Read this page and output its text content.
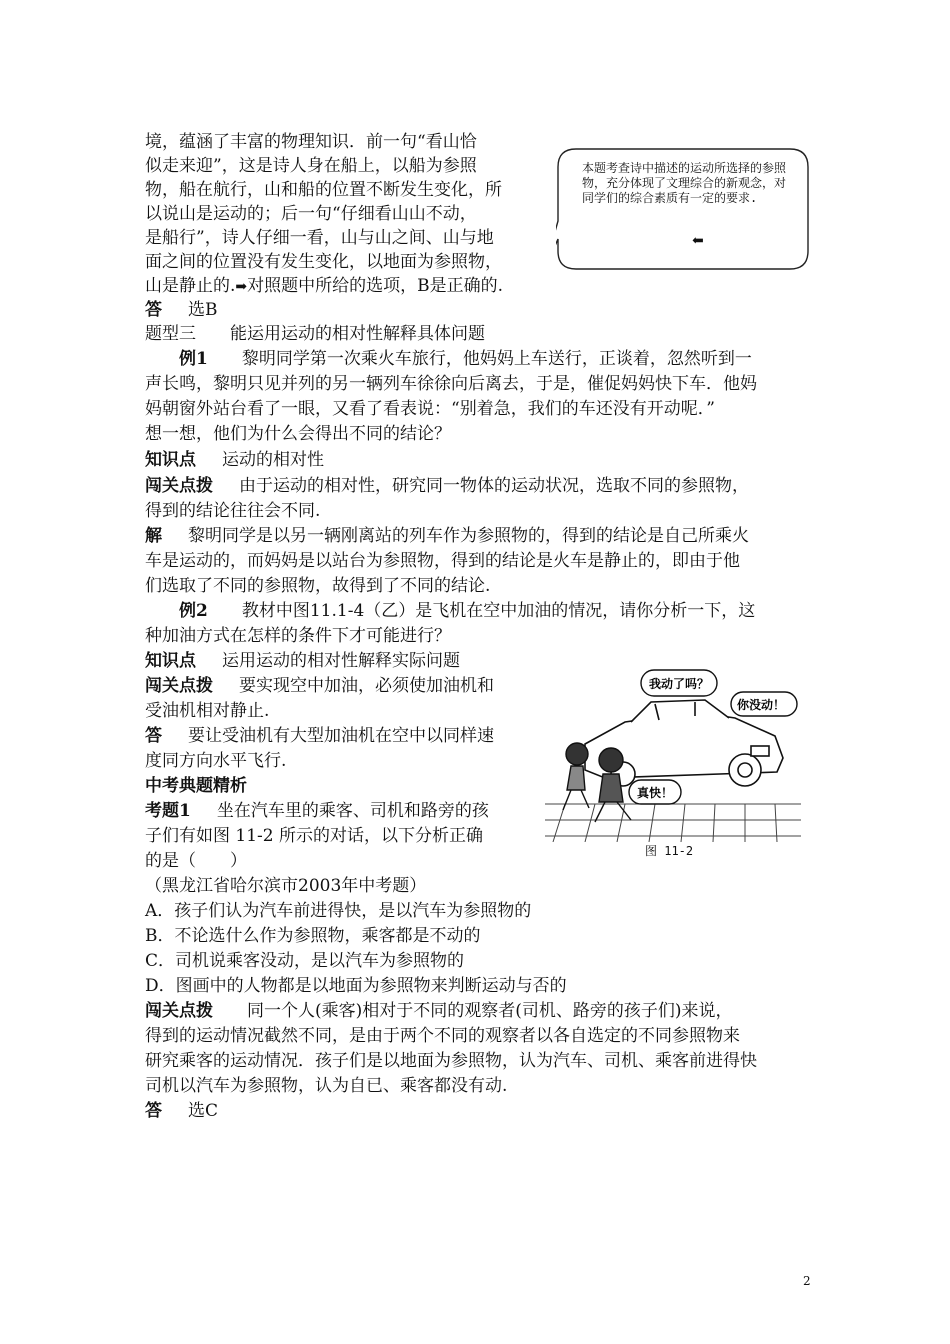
境，蕴涵了丰富的物理知识．前一句“看山恰
似走来迎”，这是诗人身在船上，以船为参照
物，船在航行，山和船的位置不断发生变化，所
以说山是运动的；后一句“仔细看山山不动，
是船行”，诗人仔细一看，山与山之间、山与地
面之间的位置没有发生变化，以地面为参照物，
山是静止的.➡对照题中所给的选项，B是正确的.
答 选B
本题考查诗中描述的运动所选择的参照物，充分体现了文理综合的新观念，对同学们的综合素质有一定的要求.
⬅
题型三 能运用运动的相对性解释具体问题
例1 黎明同学第一次乘火车旅行，他妈妈上车送行，正谈着，忽然听到一
声长鸣，黎明只见并列的另一辆列车徐徐向后离去，于是，催促妈妈快下车．他妈
妈朝窗外站台看了一眼，又看了看表说：“别着急，我们的车还没有开动呢．”
想一想，他们为什么会得出不同的结论？
知识点 运动的相对性
闯关点拨 由于运动的相对性，研究同一物体的运动状况，选取不同的参照物，
得到的结论往往会不同.
解 黎明同学是以另一辆刚离站的列车作为参照物的，得到的结论是自己所乘火
车是运动的，而妈妈是以站台为参照物，得到的结论是火车是静止的，即由于他
们选取了不同的参照物，故得到了不同的结论.
例2 教材中图11.1-4（乙）是飞机在空中加油的情况，请你分析一下，这
种加油方式在怎样的条件下才可能进行？
知识点 运用运动的相对性解释实际问题
闯关点拨 要实现空中加油，必须使加油机和
受油机相对静止.
答 要让受油机有大型加油机在空中以同样速
度同方向水平飞行.
中考典题精析
考题1 坐在汽车里的乘客、司机和路旁的孩
子们有如图 11-2 所示的对话，以下分析正确
的是（　　）
（黑龙江省哈尔滨市2003年中考题）
A．孩子们认为汽车前进得快，是以汽车为参照物的
B．不论选什么作为参照物，乘客都是不动的
C．司机说乘客没动，是以汽车为参照物的
D．图画中的人物都是以地面为参照物来判断运动与否的
闯关点拨 同一个人(乘客)相对于不同的观察者(司机、路旁的孩子们)来说，
得到的运动情况截然不同，是由于两个不同的观察者以各自选定的不同参照物来
研究乘客的运动情况．孩子们是以地面为参照物，认为汽车、司机、乘客前进得快
司机以汽车为参照物，认为自已、乘客都没有动.
答 选C
我动了吗？
你没动！
真快！
图 11-2
2
